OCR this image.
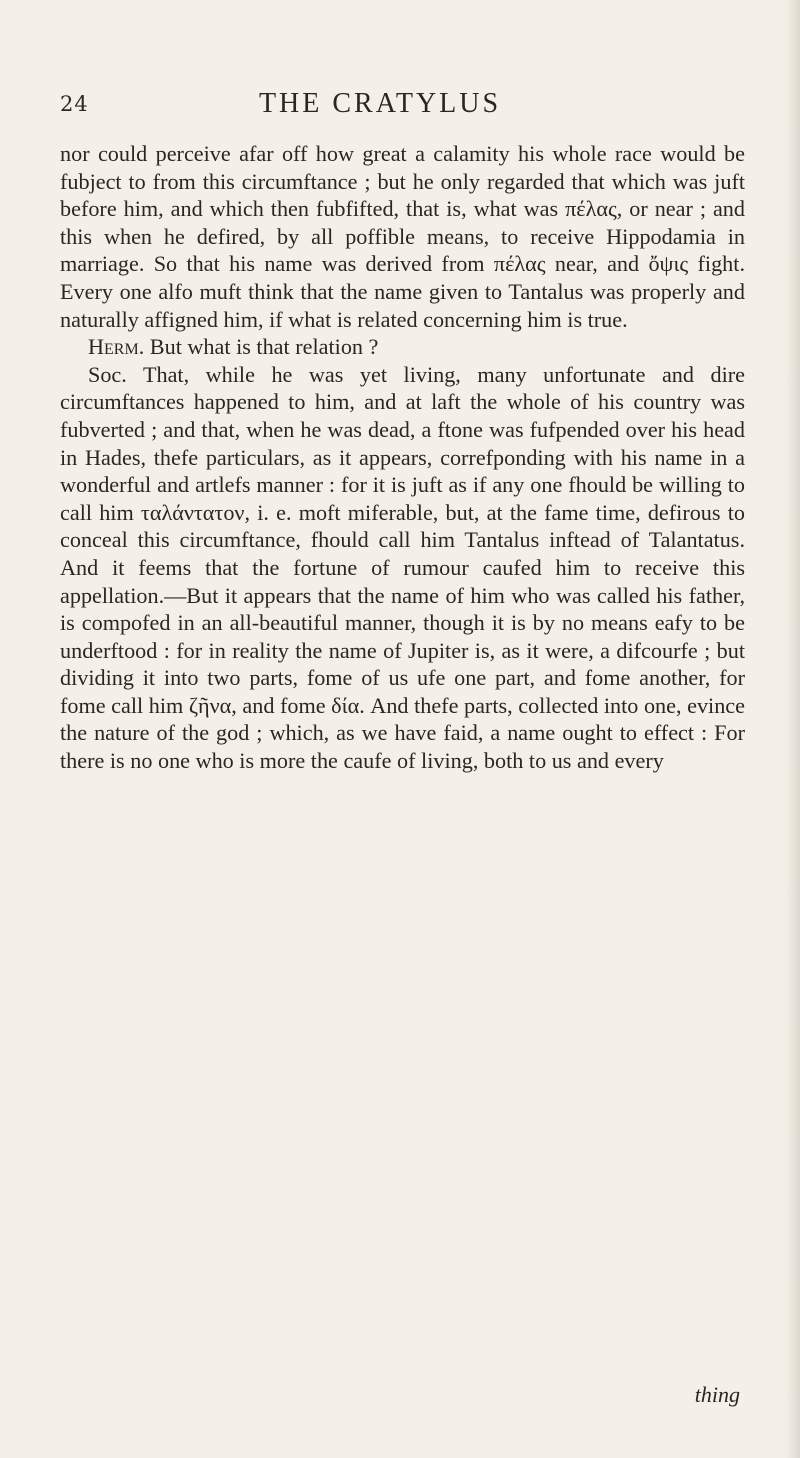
24	THE CRATYLUS

nor could perceive afar off how great a calamity his whole race would be fubject to from this circumftance ; but he only regarded that which was juft before him, and which then fubfifted, that is, what was πέλας, or near ; and this when he defired, by all poffible means, to receive Hippodamia in marriage. So that his name was derived from πέλας near, and ὄψις fight. Every one alfo muft think that the name given to Tantalus was properly and naturally affigned him, if what is related concerning him is true.

Herm. But what is that relation ?

Soc. That, while he was yet living, many unfortunate and dire circumftances happened to him, and at laft the whole of his country was fubverted ; and that, when he was dead, a ftone was fufpended over his head in Hades, thefe particulars, as it appears, correfponding with his name in a wonderful and artlefs manner : for it is juft as if any one fhould be willing to call him ταλάντατον, i. e. moft miferable, but, at the fame time, defirous to conceal this circumftance, fhould call him Tantalus inftead of Talantatus. And it feems that the fortune of rumour caufed him to receive this appellation.—But it appears that the name of him who was called his father, is compofed in an all-beautiful manner, though it is by no means eafy to be underftood : for in reality the name of Jupiter is, as it were, a difcourfe ; but dividing it into two parts, fome of us ufe one part, and fome another, for fome call him ζῆνα, and fome δία. And thefe parts, collected into one, evince the nature of the god ; which, as we have faid, a name ought to effect : For there is no one who is more the caufe of living, both to us and every

thing
